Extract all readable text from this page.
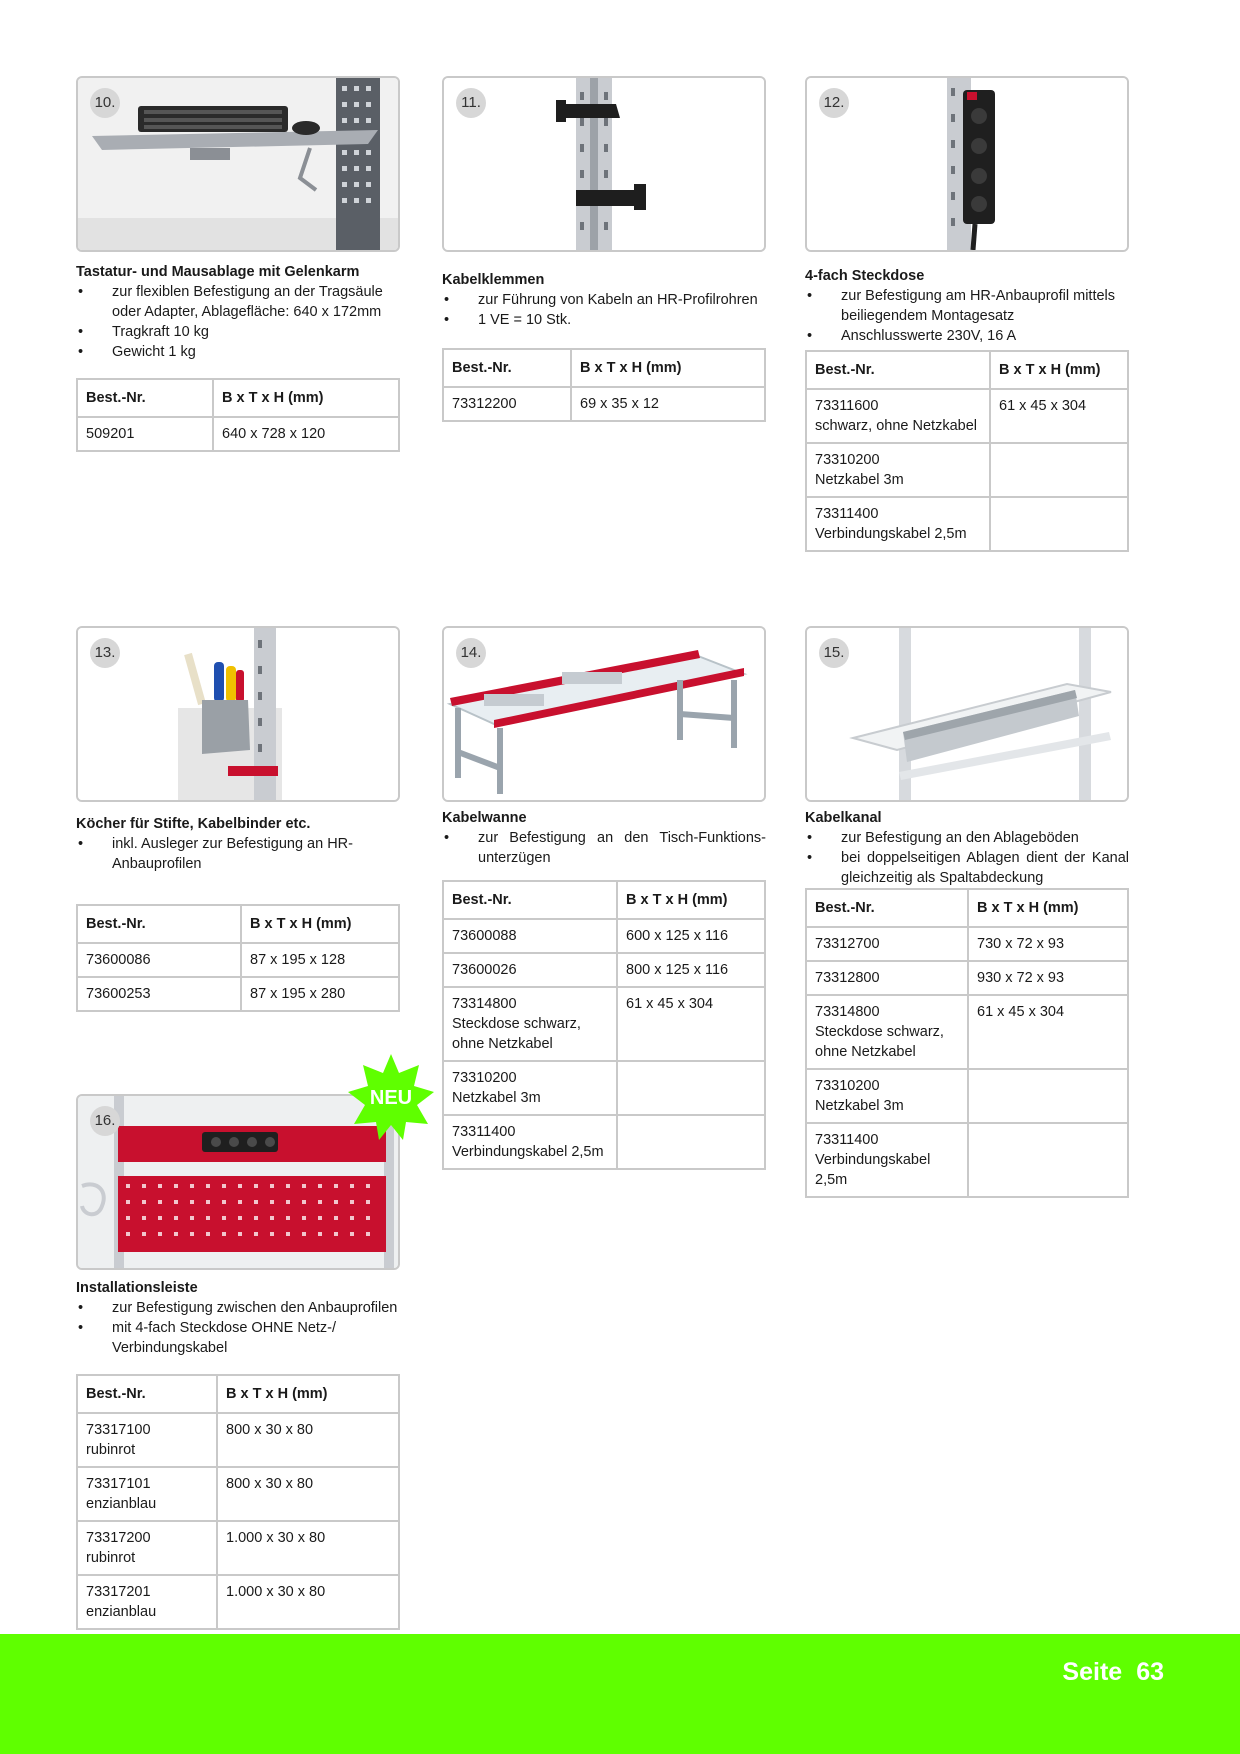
10.
Tastatur- und Mausablage mit Gelenkarm
• zur flexiblen Befestigung an der Tragsäule oder Adapter, Ablagefläche: 640 x 172mm
• Tragkraft 10 kg
• Gewicht 1 kg
Best.-Nr.	B x T x H (mm)
509201	640 x 728 x 120
11.
Kabelklemmen
• zur Führung von Kabeln an HR-Profilrohren
• 1 VE = 10 Stk.
Best.-Nr.	B x T x H (mm)
73312200	69 x 35 x 12
12.
4-fach Steckdose
• zur Befestigung am HR-Anbauprofil mittels beiliegendem Montagesatz
• Anschlusswerte 230V, 16 A
Best.-Nr.	B x T x H (mm)

73311600
schwarz, ohne Netzkabel	61 x 45 x 304

73310200
Netzkabel 3m	

73311400
Verbindungskabel 2,5m	

13.
Köcher für Stifte, Kabelbinder etc.
• inkl. Ausleger zur Befestigung an HR-Anbauprofilen
Best.-Nr.	B x T x H (mm)
73600086	87 x 195 x 128
73600253	87 x 195 x 280
14.
Kabelwanne
• zur Befestigung an den Tisch-Funktions-unterzügen
Best.-Nr.	B x T x H (mm)
73600088	600 x 125 x 116
73600026	800 x 125 x 116

73314800
Steckdose schwarz, ohne Netzkabel	61 x 45 x 304

73310200
Netzkabel 3m	

73311400
Verbindungskabel 2,5m	

15.
Kabelkanal
• zur Befestigung an den Ablageböden
• bei doppelseitigen Ablagen dient der Kanal gleichzeitig als Spaltabdeckung
Best.-Nr.	B x T x H (mm)
73312700	730 x 72 x 93
73312800	930 x 72 x 93

73314800
Steckdose schwarz, ohne Netzkabel	61 x 45 x 304

73310200
Netzkabel 3m	

73311400
Verbindungskabel 2,5m	

16.
Installationsleiste
• zur Befestigung zwischen den Anbauprofilen
• mit 4-fach Steckdose OHNE Netz-/ Verbindungskabel
Best.-Nr.	B x T x H (mm)

73317100
rubinrot	800 x 30 x 80

73317101
enzianblau	800 x 30 x 80

73317200
rubinrot	1.000 x 30 x 80

73317201
enzianblau	1.000 x 30 x 80
NEU
Seite 63
